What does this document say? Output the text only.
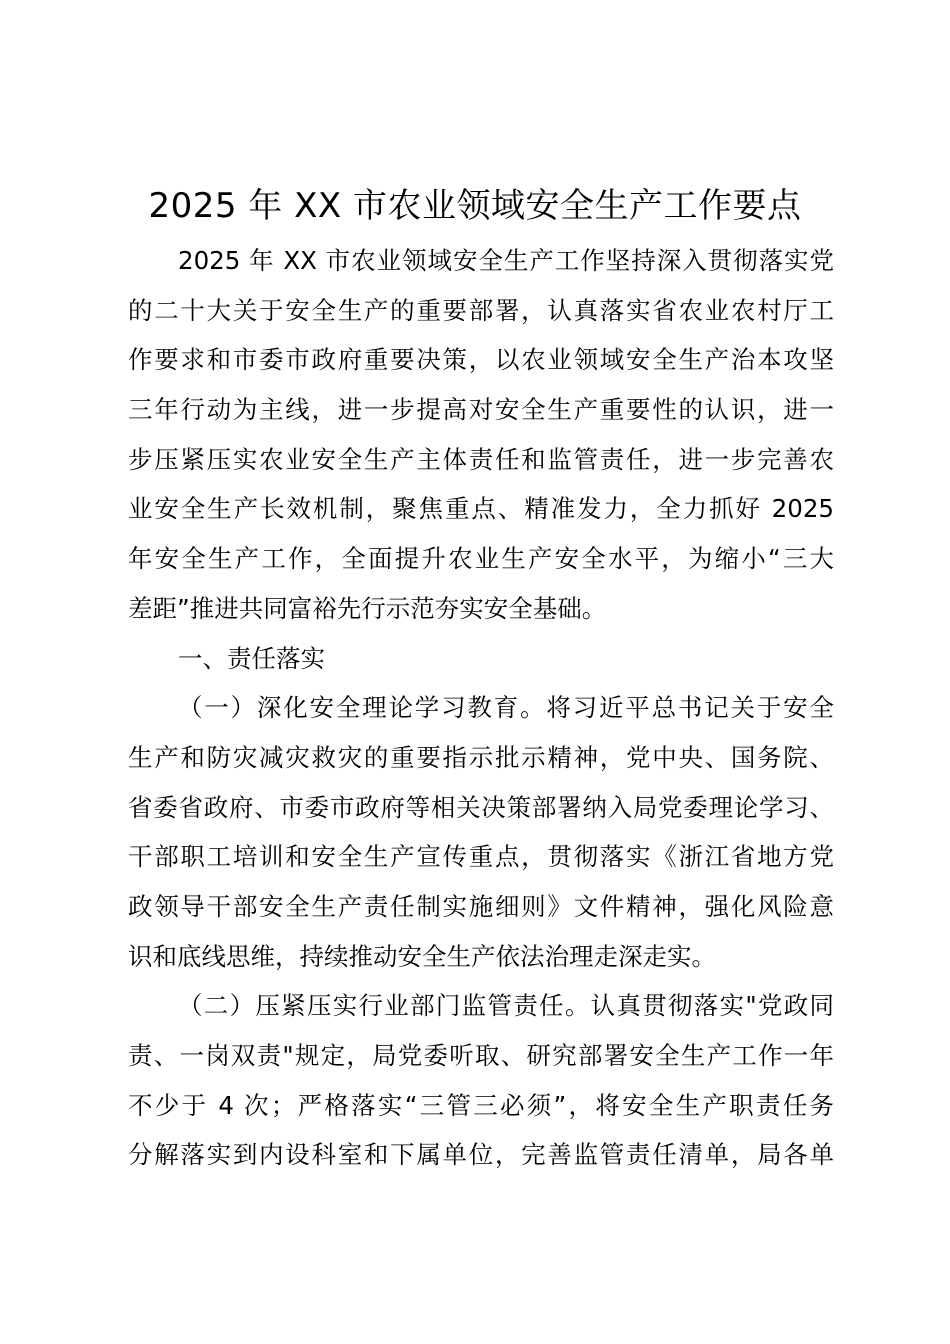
2025 年 XX 市农业领域安全生产工作要点
2025 年 XX 市农业领域安全生产工作坚持深入贯彻落实党
的二十大关于安全生产的重要部署，认真落实省农业农村厅工
作要求和市委市政府重要决策，以农业领域安全生产治本攻坚
三年行动为主线，进一步提高对安全生产重要性的认识，进一
步压紧压实农业安全生产主体责任和监管责任，进一步完善农
业安全生产长效机制，聚焦重点、精准发力，全力抓好 2025
年安全生产工作，全面提升农业生产安全水平，为缩小“三大
差距”推进共同富裕先行示范夯实安全基础。
一、责任落实
（一）深化安全理论学习教育。将习近平总书记关于安全
生产和防灾减灾救灾的重要指示批示精神，党中央、国务院、
省委省政府、市委市政府等相关决策部署纳入局党委理论学习、
干部职工培训和安全生产宣传重点，贯彻落实《浙江省地方党
政领导干部安全生产责任制实施细则》文件精神，强化风险意
识和底线思维，持续推动安全生产依法治理走深走实。
（二）压紧压实行业部门监管责任。认真贯彻落实"党政同
责、一岗双责"规定，局党委听取、研究部署安全生产工作一年
不少于 4 次；严格落实“三管三必须”，将安全生产职责任务
分解落实到内设科室和下属单位，完善监管责任清单，局各单
